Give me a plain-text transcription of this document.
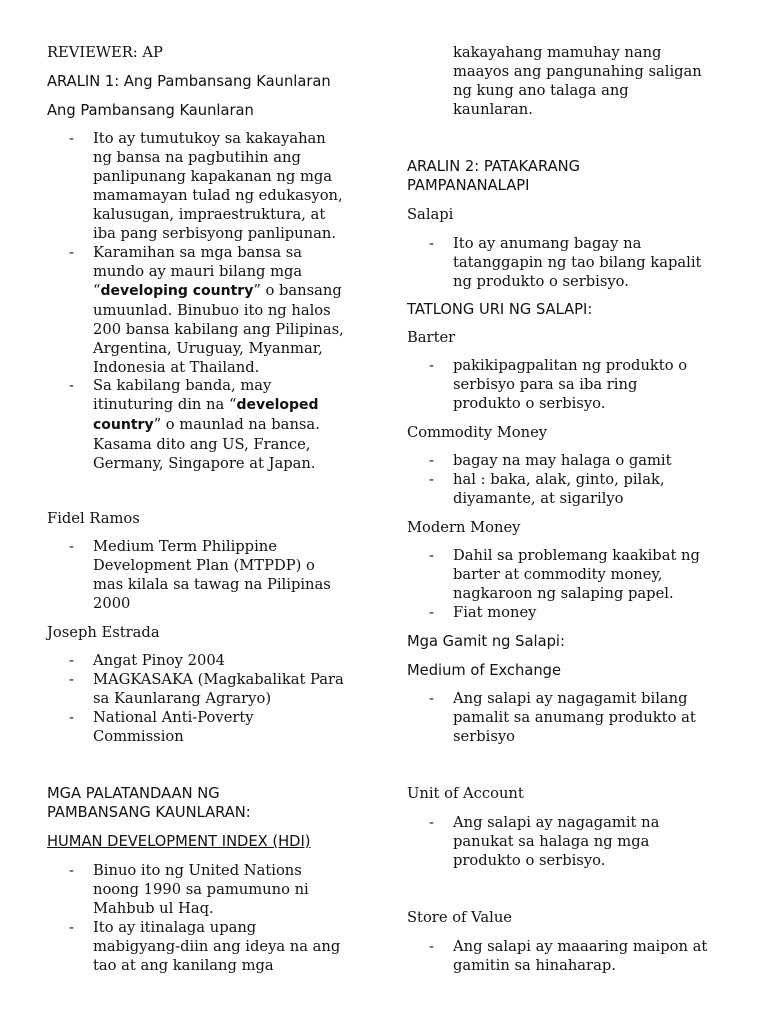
REVIEWER: AP
ARALIN 1: Ang Pambansang Kaunlaran
Ang Pambansang Kaunlaran
- Ito ay tumutukoy sa kakayahan
ng bansa na pagbutihin ang
panlipunang kapakanan ng mga
mamamayan tulad ng edukasyon,
kalusugan, impraestruktura, at
iba pang serbisyong panlipunan.
- Karamihan sa mga bansa sa
mundo ay mauri bilang mga
“developing country” o bansang
umuunlad. Binubuo ito ng halos
200 bansa kabilang ang Pilipinas,
Argentina, Uruguay, Myanmar,
Indonesia at Thailand.
- Sa kabilang banda, may
itinuturing din na “developed
country” o maunlad na bansa.
Kasama dito ang US, France,
Germany, Singapore at Japan.
Fidel Ramos
- Medium Term Philippine
Development Plan (MTPDP) o
mas kilala sa tawag na Pilipinas
2000
Joseph Estrada
- Angat Pinoy 2004
- MAGKASAKA (Magkabalikat Para
sa Kaunlarang Agraryo)
- National Anti-Poverty
Commission
MGA PALATANDAAN NG
PAMBANSANG KAUNLARAN:
HUMAN DEVELOPMENT INDEX (HDI)
- Binuo ito ng United Nations
noong 1990 sa pamumuno ni
Mahbub ul Haq.
- Ito ay itinalaga upang
mabigyang-diin ang ideya na ang
tao at ang kanilang mga
kakayahang mamuhay nang
maayos ang pangunahing saligan
ng kung ano talaga ang
kaunlaran.
ARALIN 2: PATAKARANG
PAMPANANALAPI
Salapi
- Ito ay anumang bagay na
tatanggapin ng tao bilang kapalit
ng produkto o serbisyo.
TATLONG URI NG SALAPI:
Barter
- pakikipagpalitan ng produkto o
serbisyo para sa iba ring
produkto o serbisyo.
Commodity Money
- bagay na may halaga o gamit
- hal : baka, alak, ginto, pilak,
diyamante, at sigarilyo
Modern Money
- Dahil sa problemang kaakibat ng
barter at commodity money,
nagkaroon ng salaping papel.
- Fiat money
Mga Gamit ng Salapi:
Medium of Exchange
- Ang salapi ay nagagamit bilang
pamalit sa anumang produkto at
serbisyo
Unit of Account
- Ang salapi ay nagagamit na
panukat sa halaga ng mga
produkto o serbisyo.
Store of Value
- Ang salapi ay maaaring maipon at
gamitin sa hinaharap.
